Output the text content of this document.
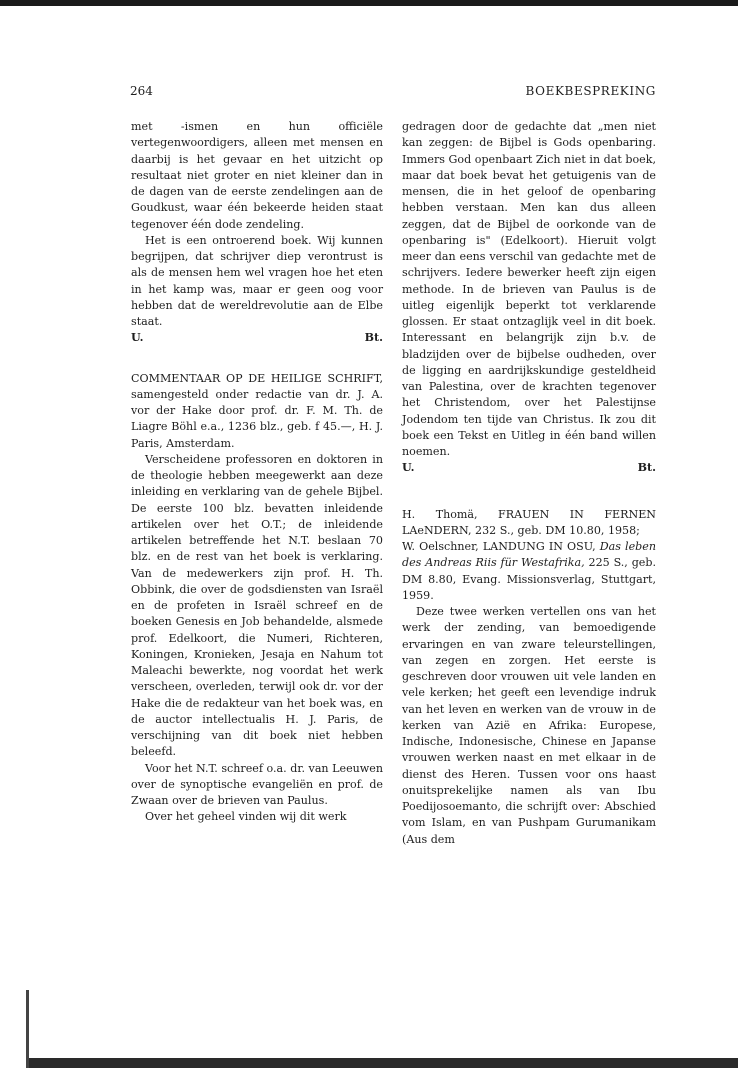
264	BOEKBESPREKING

met -ismen en hun officiële vertegenwoordigers, alleen met mensen en daarbij is het gevaar en het uitzicht op resultaat niet groter en niet kleiner dan in de dagen van de eerste zendelingen aan de Goudkust, waar één bekeerde heiden staat tegenover één dode zendeling.

Het is een ontroerend boek. Wij kunnen begrijpen, dat schrijver diep verontrust is als de mensen hem wel vragen hoe het eten in het kamp was, maar er geen oog voor hebben dat de wereldrevolutie aan de Elbe staat.

U.	Bt.

COMMENTAAR OP DE HEILIGE SCHRIFT, samengesteld onder redactie van dr. J. A. vor der Hake door prof. dr. F. M. Th. de Liagre Böhl e.a., 1236 blz., geb. f 45.—, H. J. Paris, Amsterdam.

Verscheidene professoren en doktoren in de theologie hebben meegewerkt aan deze inleiding en verklaring van de gehele Bijbel. De eerste 100 blz. bevatten inleidende artikelen over het O.T.; de inleidende artikelen betreffende het N.T. beslaan 70 blz. en de rest van het boek is verklaring. Van de medewerkers zijn prof. H. Th. Obbink, die over de godsdiensten van Israël en de profeten in Israël schreef en de boeken Genesis en Job behandelde, alsmede prof. Edelkoort, die Numeri, Richteren, Koningen, Kronieken, Jesaja en Nahum tot Maleachi bewerkte, nog voordat het werk verscheen, overleden, terwijl ook dr. vor der Hake die de redakteur van het boek was, en de auctor intellectualis H. J. Paris, de verschijning van dit boek niet hebben beleefd.

Voor het N.T. schreef o.a. dr. van Leeuwen over de synoptische evangeliën en prof. de Zwaan over de brieven van Paulus.

Over het geheel vinden wij dit werk

gedragen door de gedachte dat „men niet kan zeggen: de Bijbel is Gods openbaring. Immers God openbaart Zich niet in dat boek, maar dat boek bevat het getuigenis van de mensen, die in het geloof de openbaring hebben verstaan. Men kan dus alleen zeggen, dat de Bijbel de oorkonde van de openbaring is" (Edelkoort). Hieruit volgt meer dan eens verschil van gedachte met de schrijvers. Iedere bewerker heeft zijn eigen methode. In de brieven van Paulus is de uitleg eigenlijk beperkt tot verklarende glossen. Er staat ontzaglijk veel in dit boek. Interessant en belangrijk zijn b.v. de bladzijden over de bijbelse oudheden, over de ligging en aardrijkskundige gesteldheid van Palestina, over de krachten tegenover het Christendom, over het Palestijnse Jodendom ten tijde van Christus. Ik zou dit boek een Tekst en Uitleg in één band willen noemen.

U.	Bt.

H. Thomä, FRAUEN IN FERNEN LAeNDERN, 232 S., geb. DM 10.80, 1958;

W. Oelschner, LANDUNG IN OSU, Das leben des Andreas Riis für Westafrika, 225 S., geb. DM 8.80, Evang. Missionsverlag, Stuttgart, 1959.

Deze twee werken vertellen ons van het werk der zending, van bemoedigende ervaringen en van zware teleurstellingen, van zegen en zorgen. Het eerste is geschreven door vrouwen uit vele landen en vele kerken; het geeft een levendige indruk van het leven en werken van de vrouw in de kerken van Azië en Afrika: Europese, Indische, Indonesische, Chinese en Japanse vrouwen werken naast en met elkaar in de dienst des Heren. Tussen voor ons haast onuitsprekelijke namen als van Ibu Poedijosoemanto, die schrijft over: Abschied vom Islam, en van Pushpam Gurumanikam (Aus dem
